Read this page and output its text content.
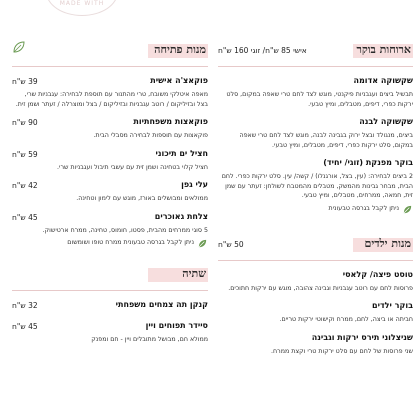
ארוחות בוקר
אישי 85 ש"ח/ זוגי 160 ש"ח
שקשוקה אדומה
תבשיל ביצים ועגבניות פיקנטי, מוגש לצד לחם טרי שאפה במקום, סלט ירקות כפרי, דיפים, מטבלים, ומיץ טבעי.
שקשוקה לבנה
ביצים, מנגולד ובצל ירוק בגבינה לבנה, מוגש לצד לחם טרי שאפה במקום, סלט ירקות כפרי, דיפים, מטבלים, ומיץ טבעי.
בוקר מפנקת (זוגי/ יחיד)
2 ביצים לבחירה: (עין, בצל, אורגנלו) / קשה/ עין. סלט ירקות כפרי. לחם הבית, מבחר גבינות מהמשק, מטבלים מהמטבח לשולחן: זעתר עם שמן זית, חמאה, ממרחים, מטבלים, ומיץ טבעי.
ניתן לקבל בגרסה טבעונית
מנות ילדים
50 ש"ח
טוסט פיצה/ קלאסי
פרוסות לחם עם רוטב עגבניות וגבינה צהובה, מוגש עם ירקות חתוכים.
בוקר ילדים
חביתה או ביצה, לחם, ממרח וקישוטי ירקות טריים.
שניצלוני תירס ירקות וגבינה
שני פרוסות של לחם עם סלט ירקות טרי וקצת ממרח.
MADE WITH
מנות פתיחה
פוקאצ'ה אישית
39 ש"ח
מאפה איטלקי משובח, טרי מהתנור עם תוספת לבחירה: עגבניות שרי, בצל ובזיליקום / רוטב עגבניות ובזיליקום / בצל ומוצרלה / זעתר ושמן זית.
פוקאצות משפחתיות
90 ש"ח
פוקאצות עם תוספות לבחירה מסבלי הבית.
חציל ים תיכוני
59 ש"ח
חציל קלוי בטחינה ושמן זית עם עשבי תיבול ועגבניות שרי.
עלי גפן
42 ש"ח
ממולאים ומבושלים באורז, מוגש עם לימון וטחינה.
צלחת גאוכרים
45 ש"ח
5 סוגי ממרחים מהבית, פסטו, חומוס, טחינה, ממרח ארטישוק.
ניתן לקבל בגרסה טבעונית ממרח טופו ושומשום
שתיה
קנקן תה צמחים משפחתי
32 ש"ח
סיידר תפוחים ויין
45 ש"ח
ממולא חם, מבושל מתובלים ויין - חם ומפנק
